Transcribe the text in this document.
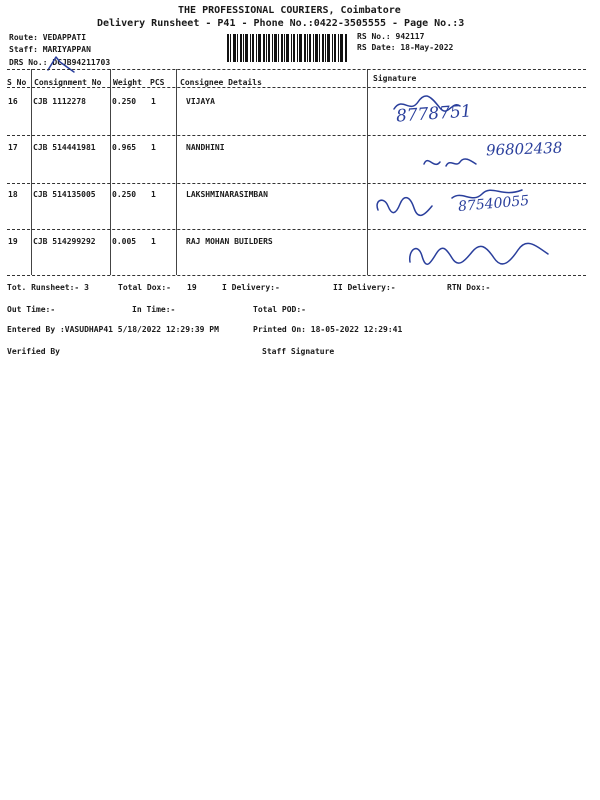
THE PROFESSIONAL COURIERS, Coimbatore
Delivery Runsheet - P41 - Phone No.:0422-3505555 - Page No.:3
Route: VEDAPPATI
Staff: MARIYAPPAN
DRS No.: DCJB94211703
RS No.: 942117
RS Date: 18-May-2022
S No Consignment No Weight PCS Consignee Details	Signature
16 CJB 1112278	0.250 1	VIJAYA	8778751
17 CJB 514441981 0.965 1	NANDHINI	96802438
18 CJB 514135005 0.250 1	LAKSHMINARASIMBAN	87540055
19 CJB 514299292 0.005 1	RAJ MOHAN BUILDERS
Tot. Runsheet:- 3	Total Dox:- 19	I Delivery:-	II Delivery:-	RTN Dox:-
Out Time:-	In Time:-	Total POD:-
Entered By :VASUDHAP41 5/18/2022 12:29:39 PM	Printed On: 18-05-2022 12:29:41
Verified By	Staff Signature
